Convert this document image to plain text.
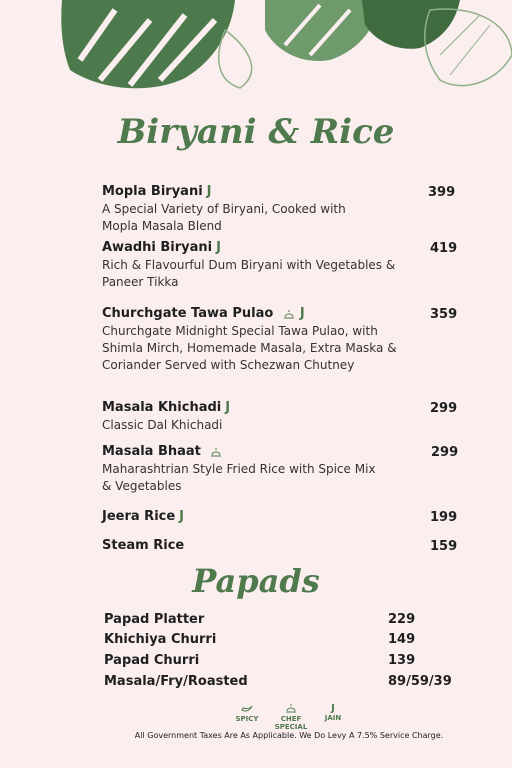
Biryani & Rice
Mopla Biryani J
A Special Variety of Biryani, Cooked with Mopla Masala Blend
399
Awadhi Biryani J
Rich & Flavourful Dum Biryani with Vegetables & Paneer Tikka
419
Churchgate Tawa Pulao J
Churchgate Midnight Special Tawa Pulao, with Shimla Mirch, Homemade Masala, Extra Maska & Coriander Served with Schezwan Chutney
359
Masala Khichadi J
Classic Dal Khichadi
299
Masala Bhaat
Maharashtrian Style Fried Rice with Spice Mix & Vegetables
299
Jeera Rice J	199
Steam Rice	159
Papads
Papad Platter	229
Khichiya Churri	149
Papad Churri	139
Masala/Fry/Roasted	89/59/39
SPICY	CHEF SPECIAL
J
JAIN
All Government Taxes Are As Applicable. We Do Levy A 7.5% Service Charge.
